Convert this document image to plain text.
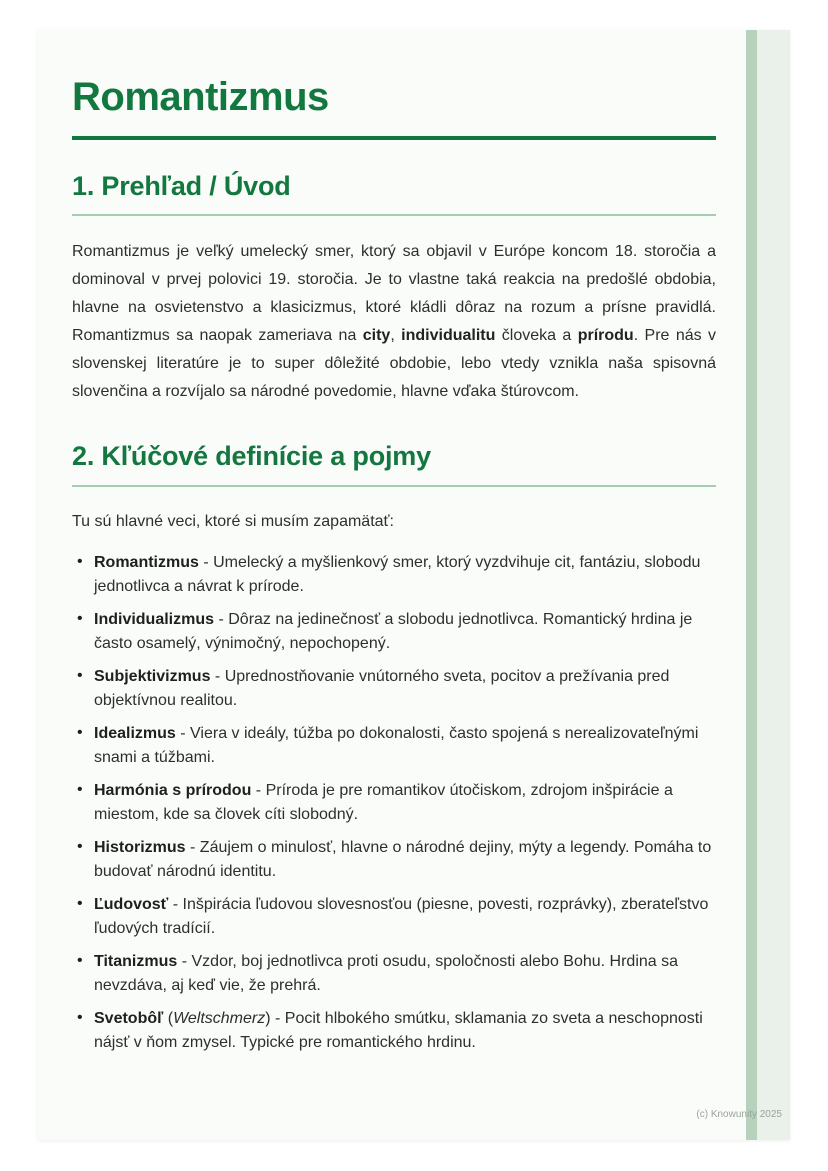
Romantizmus
1. Prehľad / Úvod

Romantizmus je veľký umelecký smer, ktorý sa objavil v Európe koncom 18. storočia a dominoval v prvej polovici 19. storočia. Je to vlastne taká reakcia na predošlé obdobia, hlavne na osvietenstvo a klasicizmus, ktoré kládli dôraz na rozum a prísne pravidlá. Romantizmus sa naopak zameriava na city, individualitu človeka a prírodu. Pre nás v slovenskej literatúre je to super dôležité obdobie, lebo vtedy vznikla naša spisovná slovenčina a rozvíjalo sa národné povedomie, hlavne vďaka štúrovcom.

2. Kľúčové definície a pojmy

Tu sú hlavné veci, ktoré si musím zapamätať:

• Romantizmus - Umelecký a myšlienkový smer, ktorý vyzdvihuje cit, fantáziu, slobodu jednotlivca a návrat k prírode.
• Individualizmus - Dôraz na jedinečnosť a slobodu jednotlivca. Romantický hrdina je často osamelý, výnimočný, nepochopený.
• Subjektivizmus - Uprednostňovanie vnútorného sveta, pocitov a prežívania pred objektívnou realitou.
• Idealizmus - Viera v ideály, túžba po dokonalosti, často spojená s nerealizovateľnými snami a túžbami.
• Harmónia s prírodou - Príroda je pre romantikov útočiskom, zdrojom inšpirácie a miestom, kde sa človek cíti slobodný.
• Historizmus - Záujem o minulosť, hlavne o národné dejiny, mýty a legendy. Pomáha to budovať národnú identitu.
• Ľudovosť - Inšpirácia ľudovou slovesnosťou (piesne, povesti, rozprávky), zberateľstvo ľudových tradícií.
• Titanizmus - Vzdor, boj jednotlivca proti osudu, spoločnosti alebo Bohu. Hrdina sa nevzdáva, aj keď vie, že prehrá.
• Svetobôľ (Weltschmerz) - Pocit hlbokého smútku, sklamania zo sveta a neschopnosti nájsť v ňom zmysel. Typické pre romantického hrdinu.
(c) Knowunity 2025
